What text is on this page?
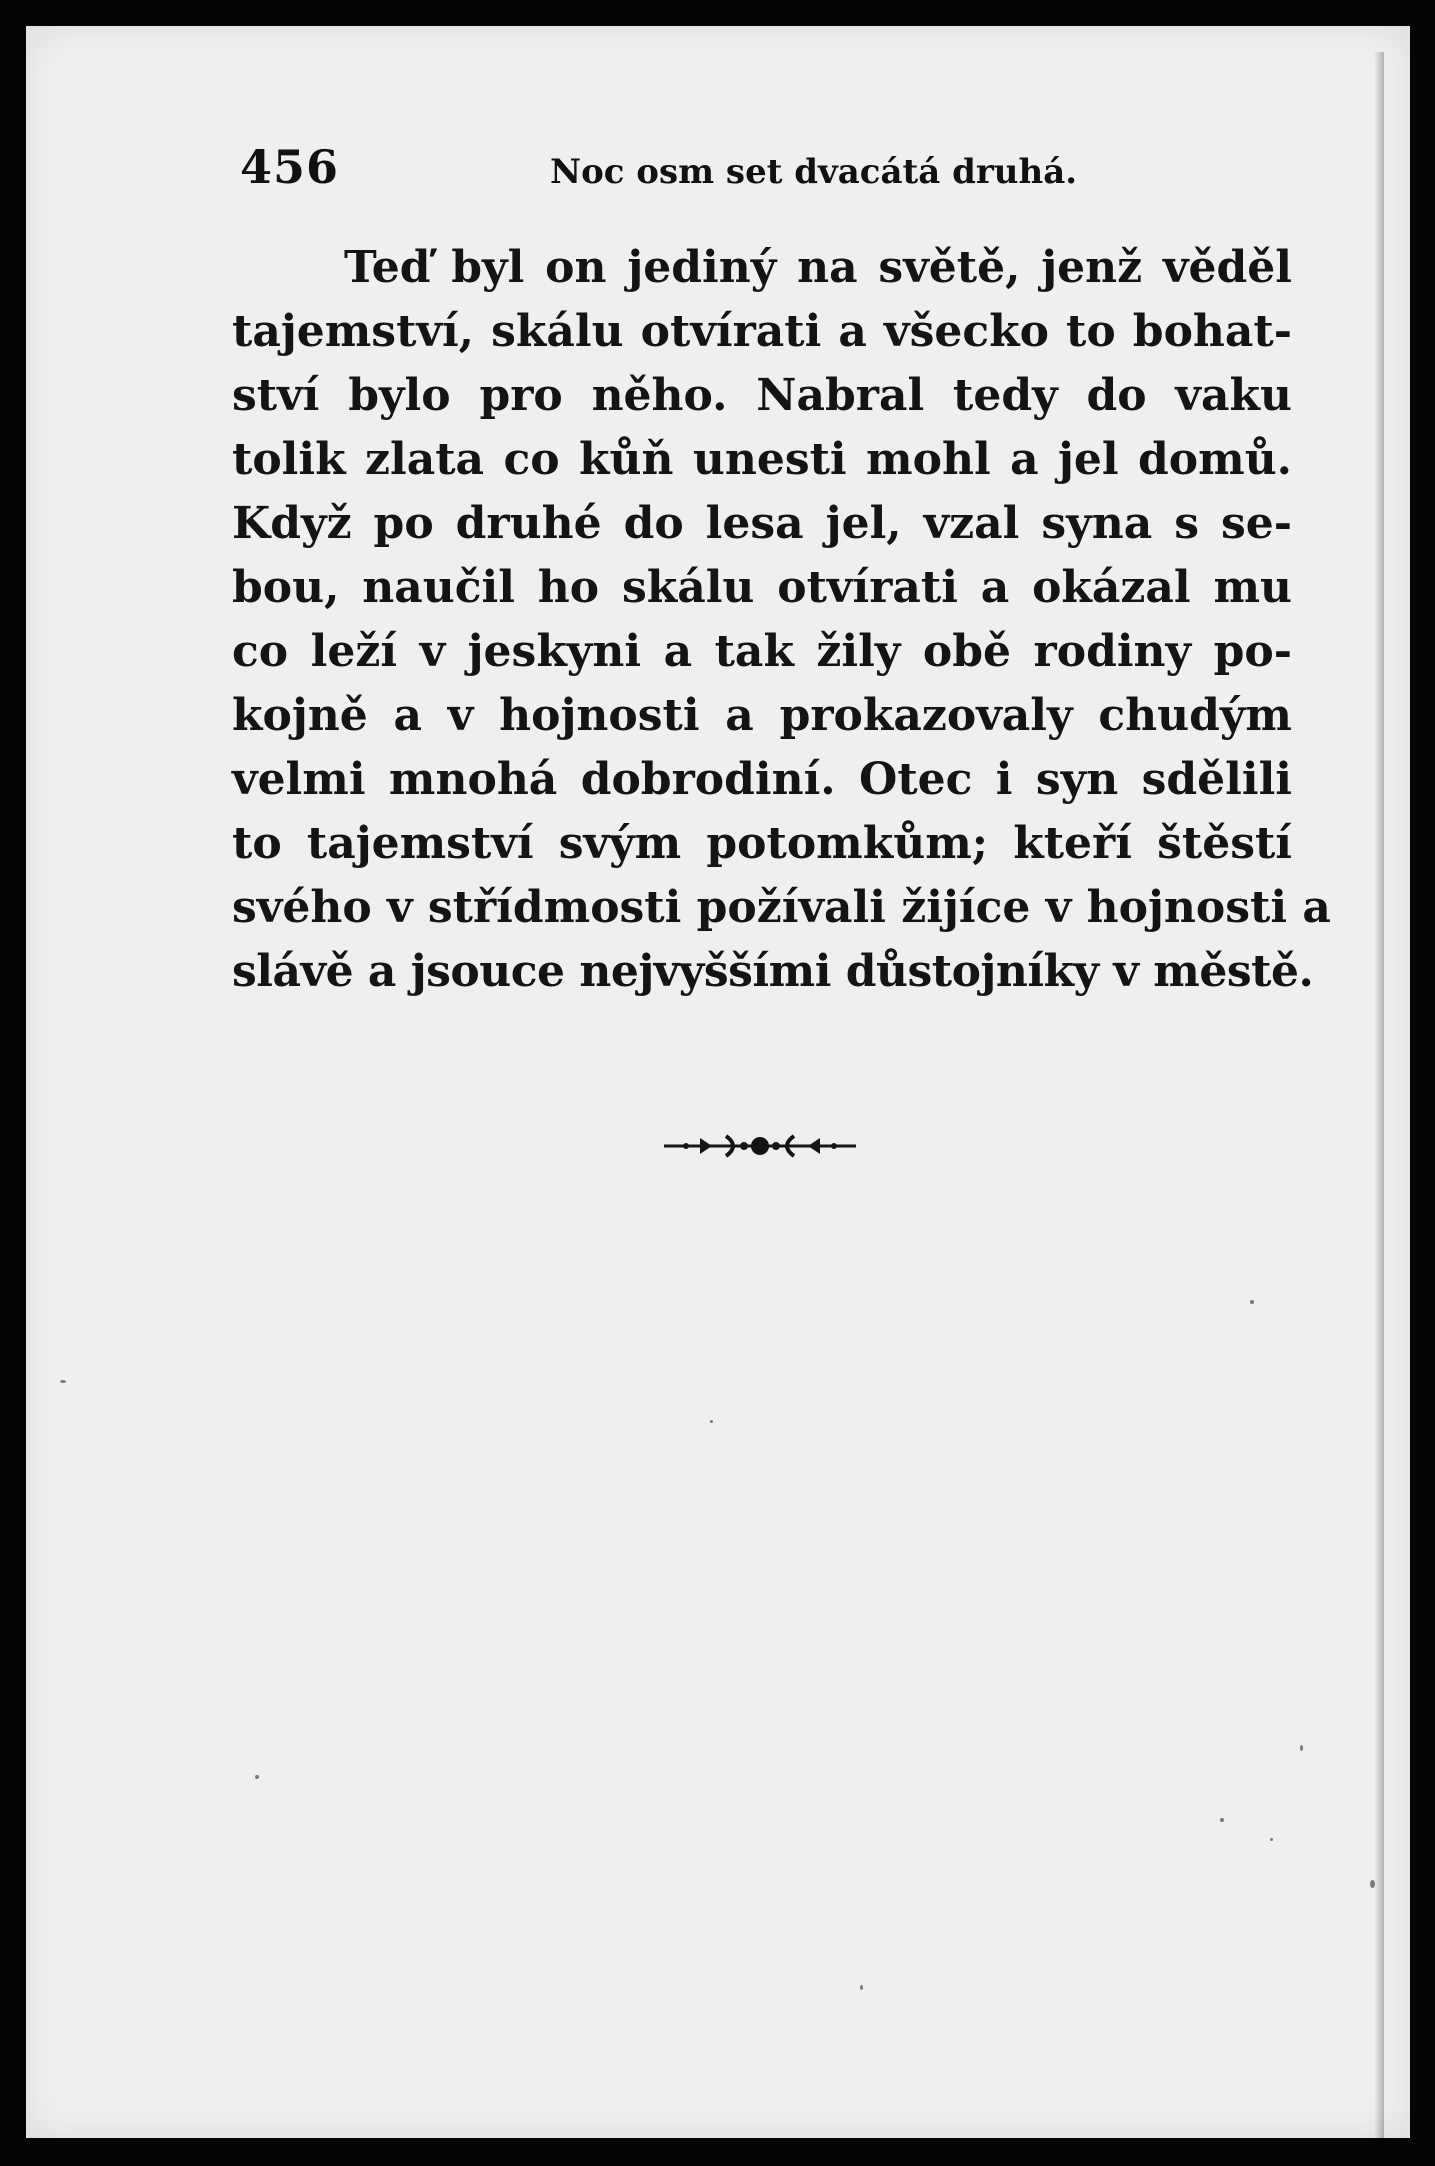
456	Noc osm set dvacátá druhá.
Teď byl on jediný na světě, jenž věděl
tajemství, skálu otvírati a všecko to bohat-
ství bylo pro něho. Nabral tedy do vaku
tolik zlata co kůň unesti mohl a jel domů.
Když po druhé do lesa jel, vzal syna s se-
bou, naučil ho skálu otvírati a okázal mu
co leží v jeskyni a tak žily obě rodiny po-
kojně a v hojnosti a prokazovaly chudým
velmi mnohá dobrodiní. Otec i syn sdělili
to tajemství svým potomkům; kteří štěstí
svého v střídmosti požívali žijíce v hojnosti a
slávě a jsouce nejvyššími důstojníky v městě.
